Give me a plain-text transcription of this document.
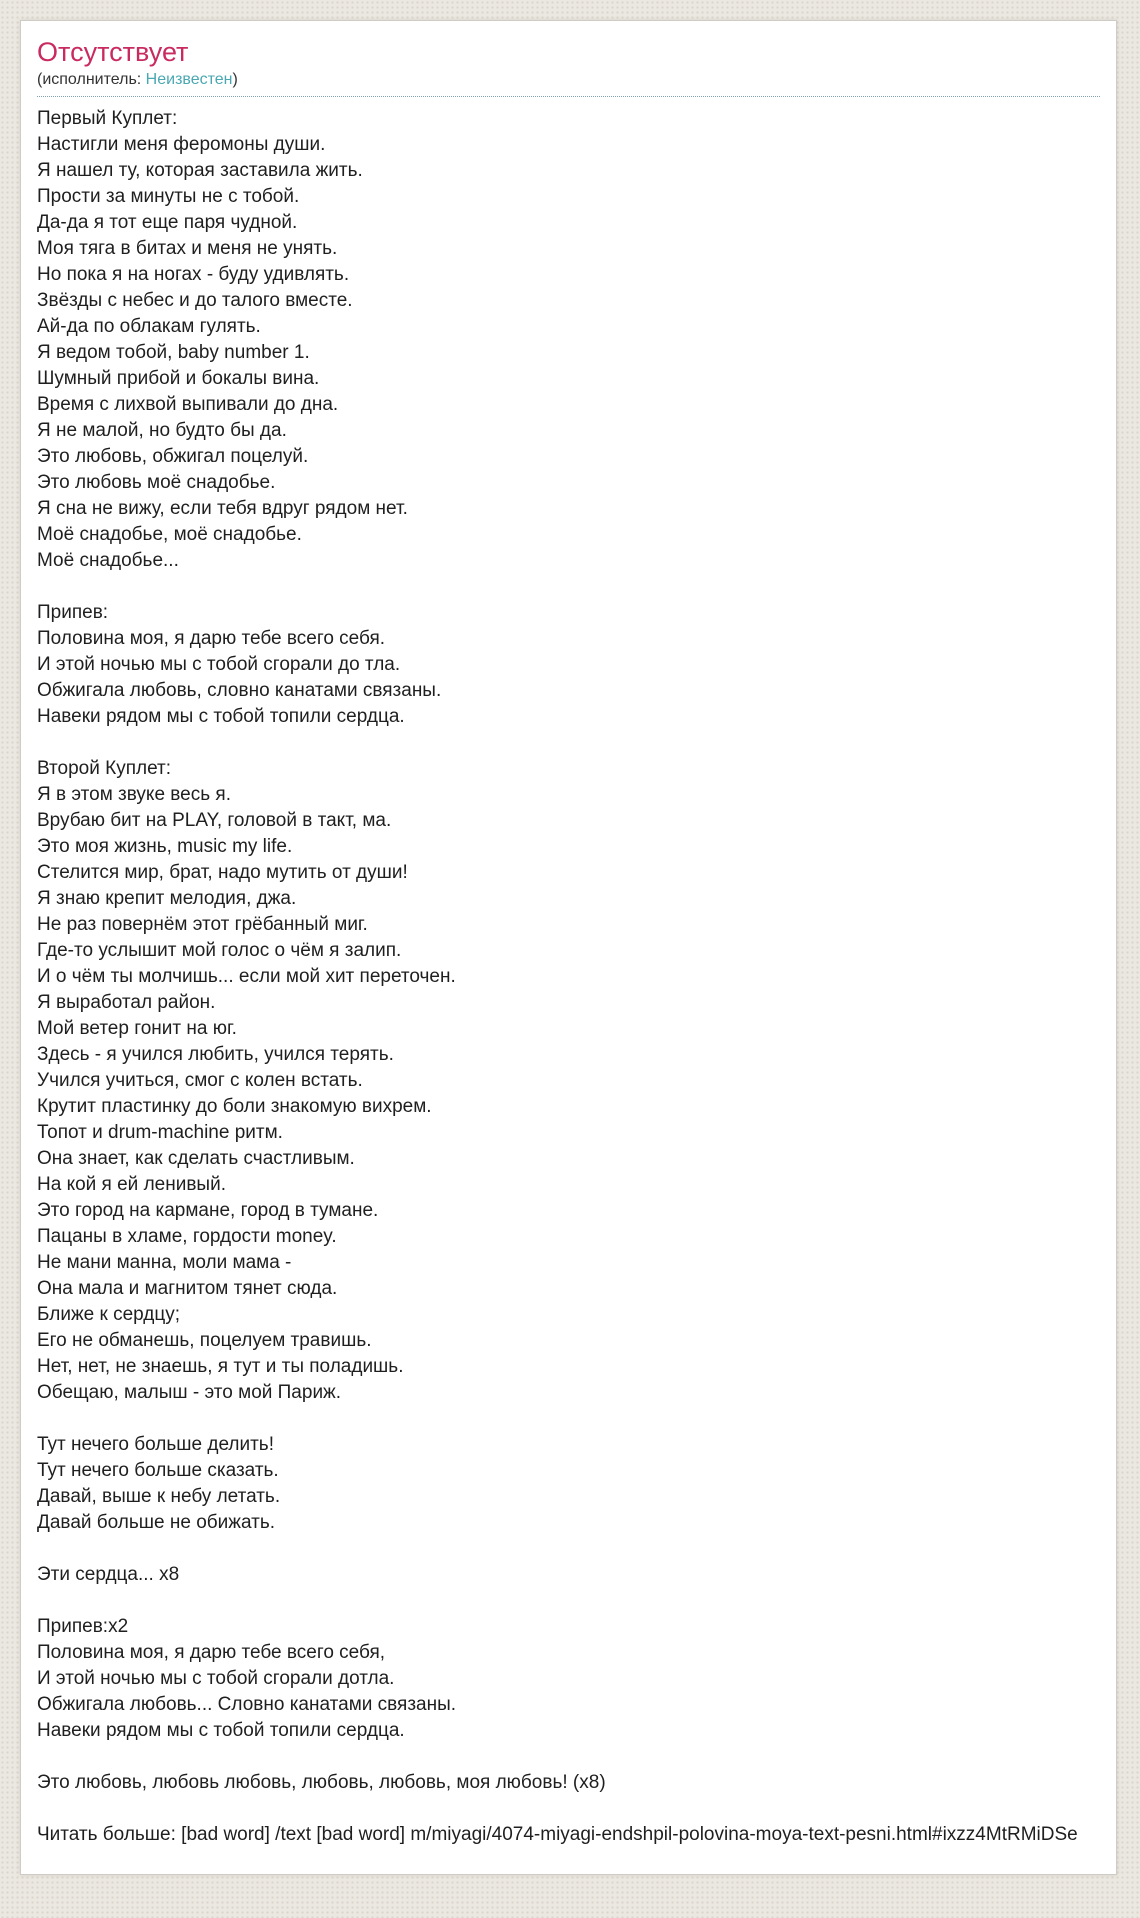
Отсутствует
(исполнитель: Неизвестен)
Первый Куплет:
Настигли меня феромоны души.
Я нашел ту, которая заставила жить.
Прости за минуты не с тобой.
Да-да я тот еще паря чудной.
Моя тяга в битах и меня не унять.
Но пока я на ногах - буду удивлять.
Звёзды с небес и до талого вместе.
Ай-да по облакам гулять.
Я ведом тобой, baby number 1.
Шумный прибой и бокалы вина.
Время с лихвой выпивали до дна.
Я не малой, но будто бы да.
Это любовь, обжигал поцелуй.
Это любовь моё снадобье.
Я сна не вижу, если тебя вдруг рядом нет.
Моё снадобье, моё снадобье.
Моё снадобье...

Припев:
Половина моя, я дарю тебе всего себя.
И этой ночью мы с тобой сгорали до тла.
Обжигала любовь, словно канатами связаны.
Навеки рядом мы с тобой топили сердца.

Второй Куплет:
Я в этом звуке весь я.
Врубаю бит на PLAY, головой в такт, ма.
Это моя жизнь, music my life.
Стелится мир, брат, надо мутить от души!
Я знаю крепит мелодия, джа.
Не раз повернём этот грёбанный миг.
Где-то услышит мой голос о чём я залип.
И о чём ты молчишь... если мой хит переточен.
Я выработал район.
Мой ветер гонит на юг.
Здесь - я учился любить, учился терять.
Учился учиться, смог с колен встать.
Крутит пластинку до боли знакомую вихрем.
Топот и drum-machine ритм.
Она знает, как сделать счастливым.
На кой я ей ленивый.
Это город на кармане, город в тумане.
Пацаны в хламе, гордости money.
Не мани манна, моли мама -
Она мала и магнитом тянет сюда.
Ближе к сердцу;
Его не обманешь, поцелуем травишь.
Нет, нет, не знаешь, я тут и ты поладишь.
Обещаю, малыш - это мой Париж.

Тут нечего больше делить!
Тут нечего больше сказать.
Давай, выше к небу летать.
Давай больше не обижать.

Эти сердца... х8

Припев:х2
Половина моя, я дарю тебе всего себя,
И этой ночью мы с тобой сгорали дотла.
Обжигала любовь... Словно канатами связаны.
Навеки рядом мы с тобой топили сердца.

Это любовь, любовь любовь, любовь, любовь, моя любовь! (х8)
Читать больше: [bad word] /text [bad word] m/miyagi/4074-miyagi-endshpil-polovina-moya-text-pesni.html#ixzz4MtRMiDSe
